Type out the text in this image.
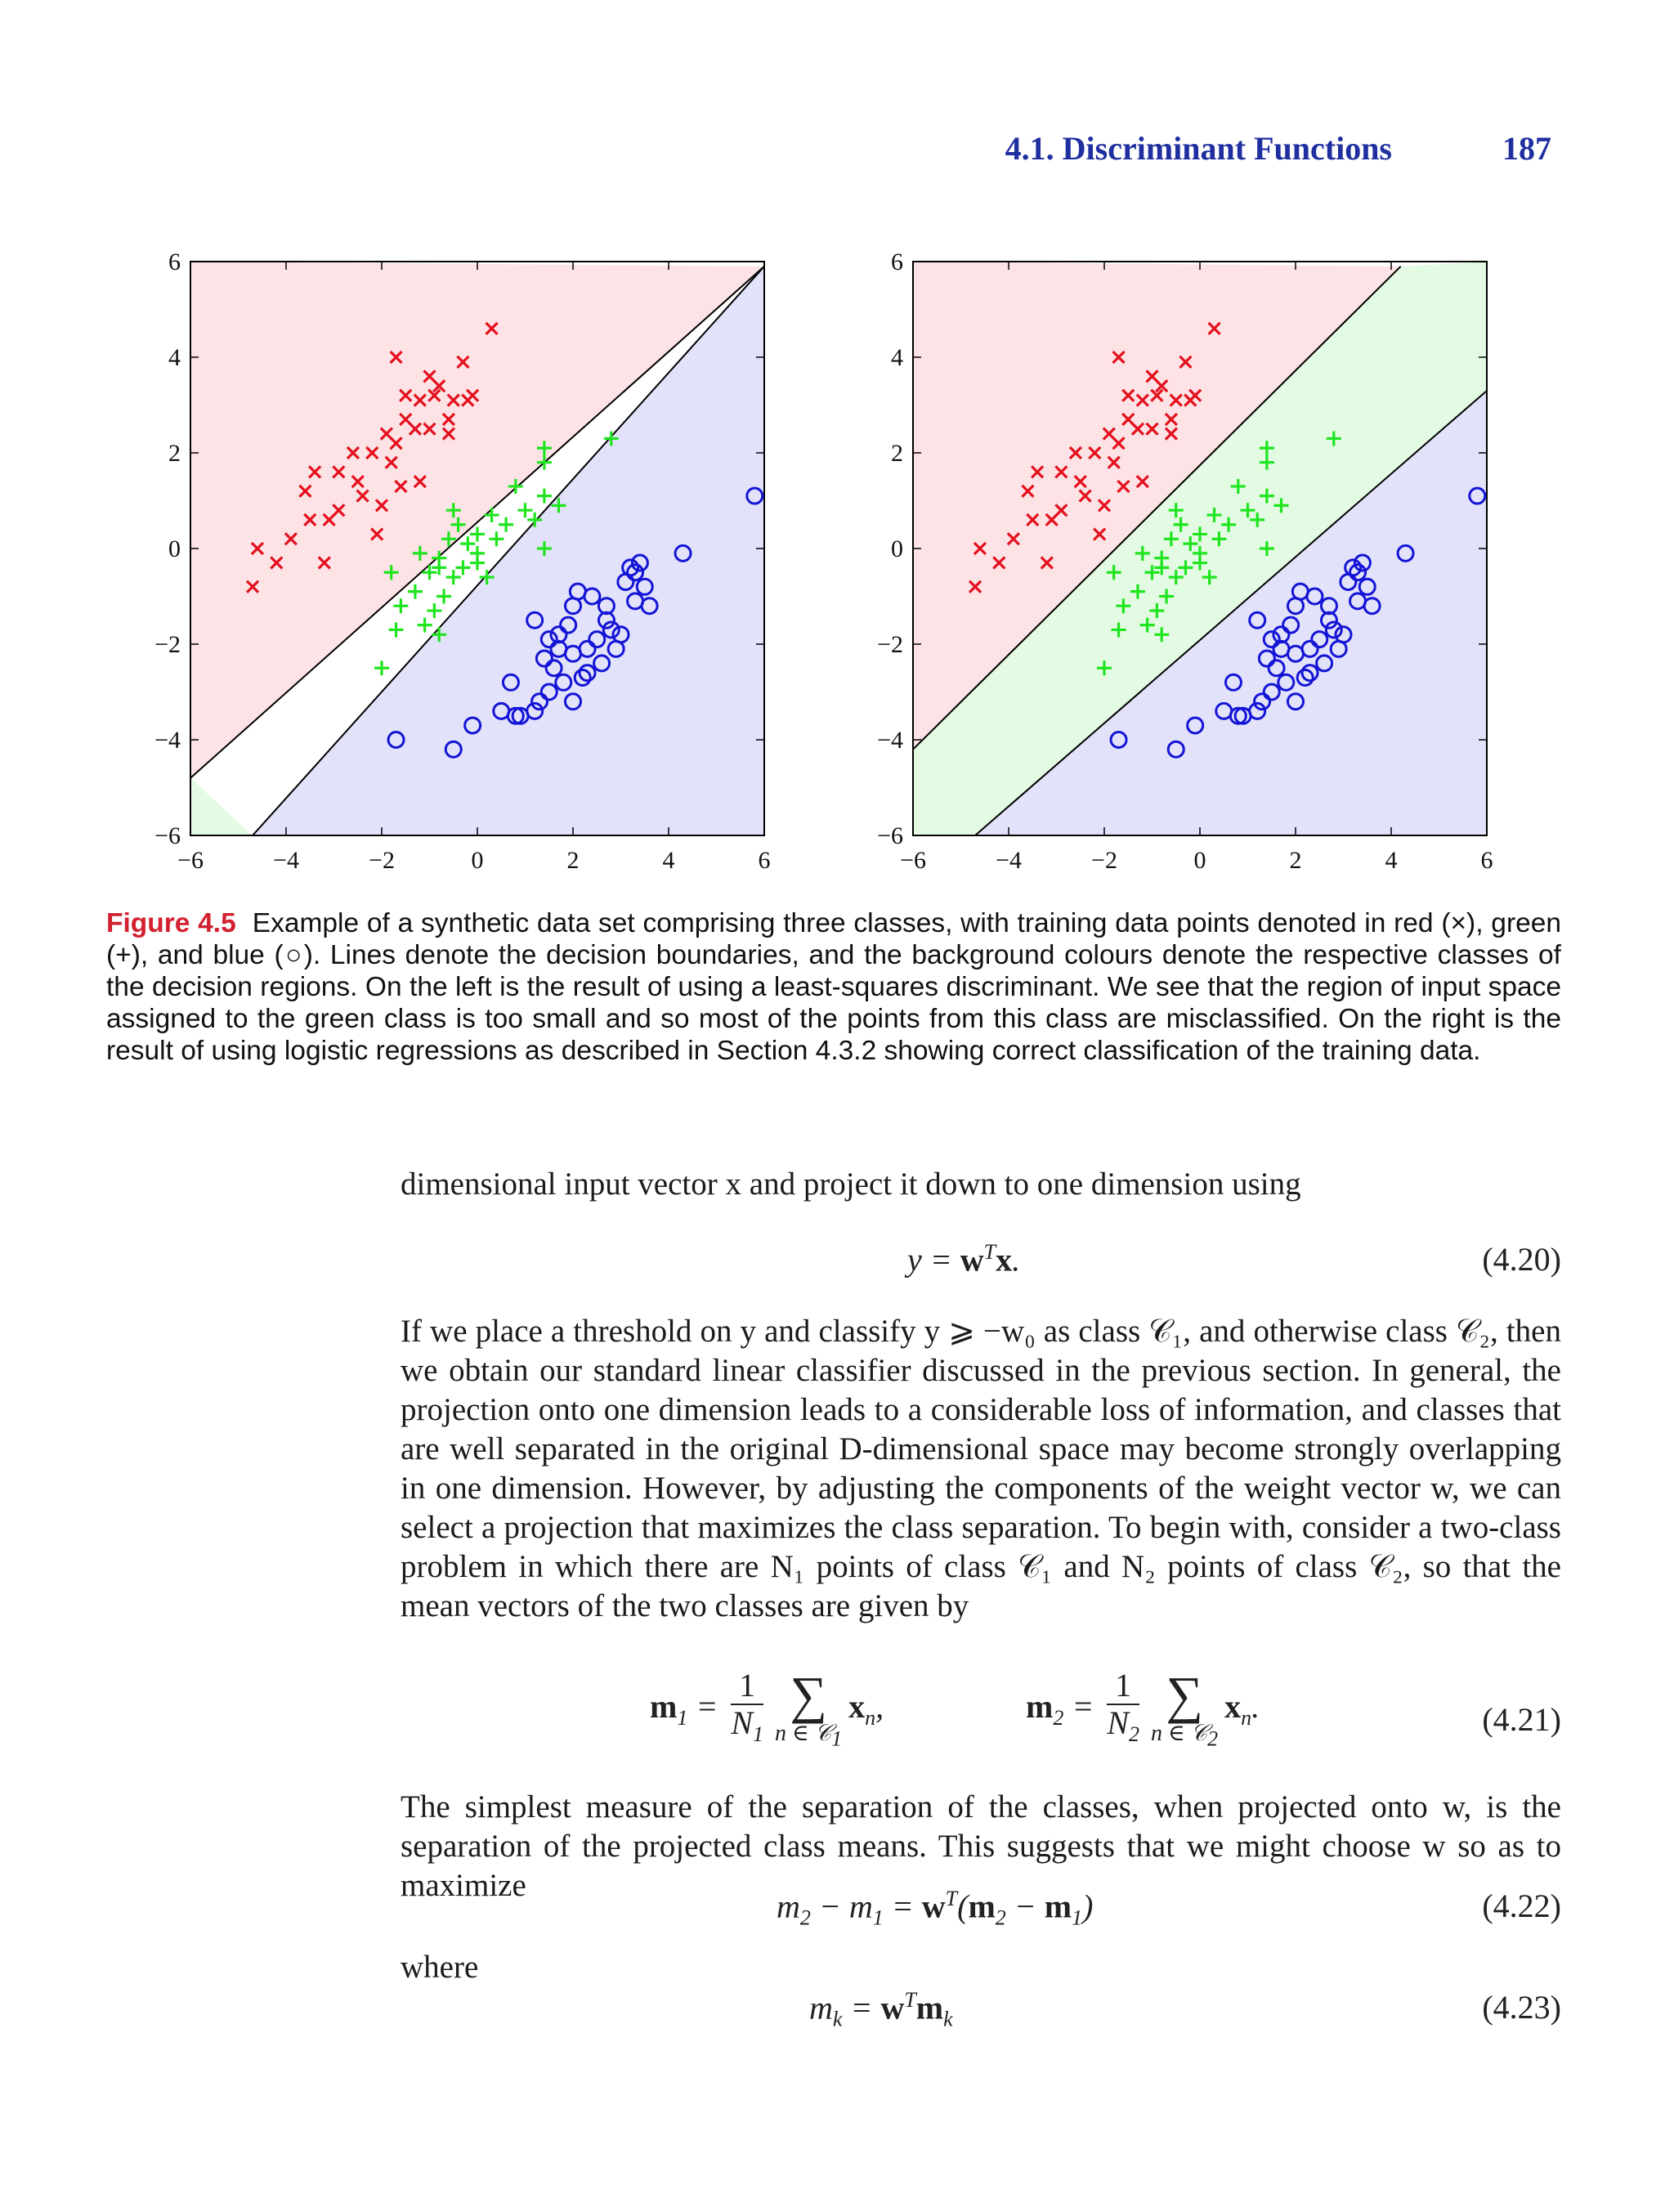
4.1. Discriminant Functions	187
−6
−6
−4
−4
−2
−2
0
0
2
2
4
4
6
6
−6
−6
−4
−4
−2
−2
0
0
2
2
4
4
6
6
Figure 4.5 Example of a synthetic data set comprising three classes, with training data points denoted in red (×), green (+), and blue (○). Lines denote the decision boundaries, and the background colours denote the respective classes of the decision regions. On the left is the result of using a least-squares discriminant. We see that the region of input space assigned to the green class is too small and so most of the points from this class are misclassified. On the right is the result of using logistic regressions as described in Section 4.3.2 showing correct classification of the training data.
dimensional input vector x and project it down to one dimension using
$y = w^Tx$.	(4.20)
If we place a threshold on y and classify y ⩾ −w₀ as class 𝒞₁, and otherwise class 𝒞₂, then we obtain our standard linear classifier discussed in the previous section. In general, the projection onto one dimension leads to a considerable loss of information, and classes that are well separated in the original D-dimensional space may become strongly overlapping in one dimension. However, by adjusting the components of the weight vector w, we can select a projection that maximizes the class separation. To begin with, consider a two-class problem in which there are N₁ points of class 𝒞₁ and N₂ points of class 𝒞₂, so that the mean vectors of the two classes are given by
$m_1 = \frac{1}{N_1}$ ∑
n ∈ 𝒞$_1$
$x_n$,	$m_2 = \frac{1}{N_2}$ ∑
n ∈ 𝒞$_2$
$x_n$.	(4.21)
The simplest measure of the separation of the classes, when projected onto w, is the separation of the projected class means. This suggests that we might choose w so as to maximize
$m_2 - m_1 = w^T(m_2 - m_1)$	(4.22)
where
$m_k = w^Tm_k$	(4.23)
